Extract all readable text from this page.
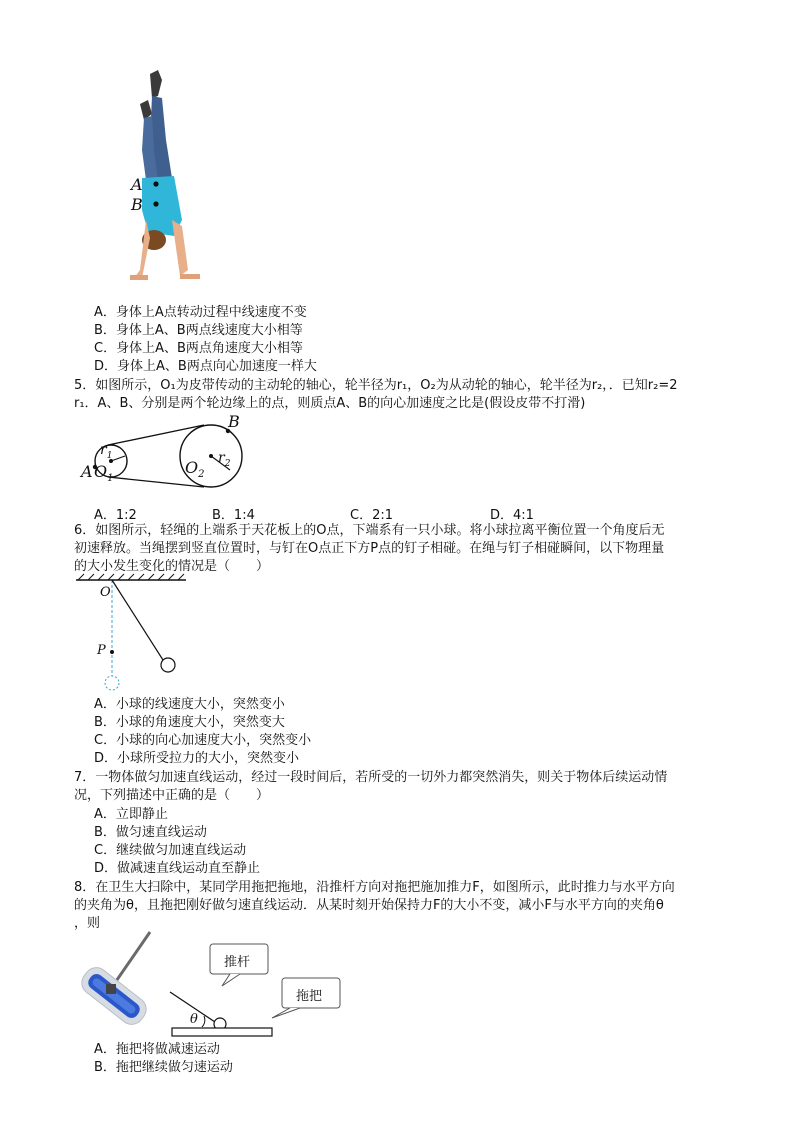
A
B
A．身体上A点转动过程中线速度不变
B．身体上A、B两点线速度大小相等
C．身体上A、B两点角速度大小相等
D．身体上A、B两点向心加速度一样大
5．如图所示，O₁为皮带传动的主动轮的轴心，轮半径为r₁，O₂为从动轮的轴心，轮半径为r₂，．已知r₂=2
r₁．A、B、分别是两个轮边缘上的点，则质点A、B的向心加速度之比是(假设皮带不打滑)
A
B
$O_1$
$r_1$
$O_2$
$r_2$
A．1:2	B．1:4	C．2:1	D．4:1
6．如图所示，轻绳的上端系于天花板上的O点，下端系有一只小球。将小球拉离平衡位置一个角度后无
初速释放。当绳摆到竖直位置时，与钉在O点正下方P点的钉子相碰。在绳与钉子相碰瞬间，以下物理量
的大小发生变化的情况是（　　）
O
P
A．小球的线速度大小，突然变小
B．小球的角速度大小，突然变大
C．小球的向心加速度大小，突然变小
D．小球所受拉力的大小，突然变小
7．一物体做匀加速直线运动，经过一段时间后，若所受的一切外力都突然消失，则关于物体后续运动情
况，下列描述中正确的是（　　）
A．立即静止
B．做匀速直线运动
C．继续做匀加速直线运动
D．做减速直线运动直至静止
8．在卫生大扫除中，某同学用拖把拖地，沿推杆方向对拖把施加推力F，如图所示，此时推力与水平方向
的夹角为θ，且拖把刚好做匀速直线运动．从某时刻开始保持力F的大小不变，减小F与水平方向的夹角θ
，则
推杆
拖把
θ
A．拖把将做减速运动
B．拖把继续做匀速运动
